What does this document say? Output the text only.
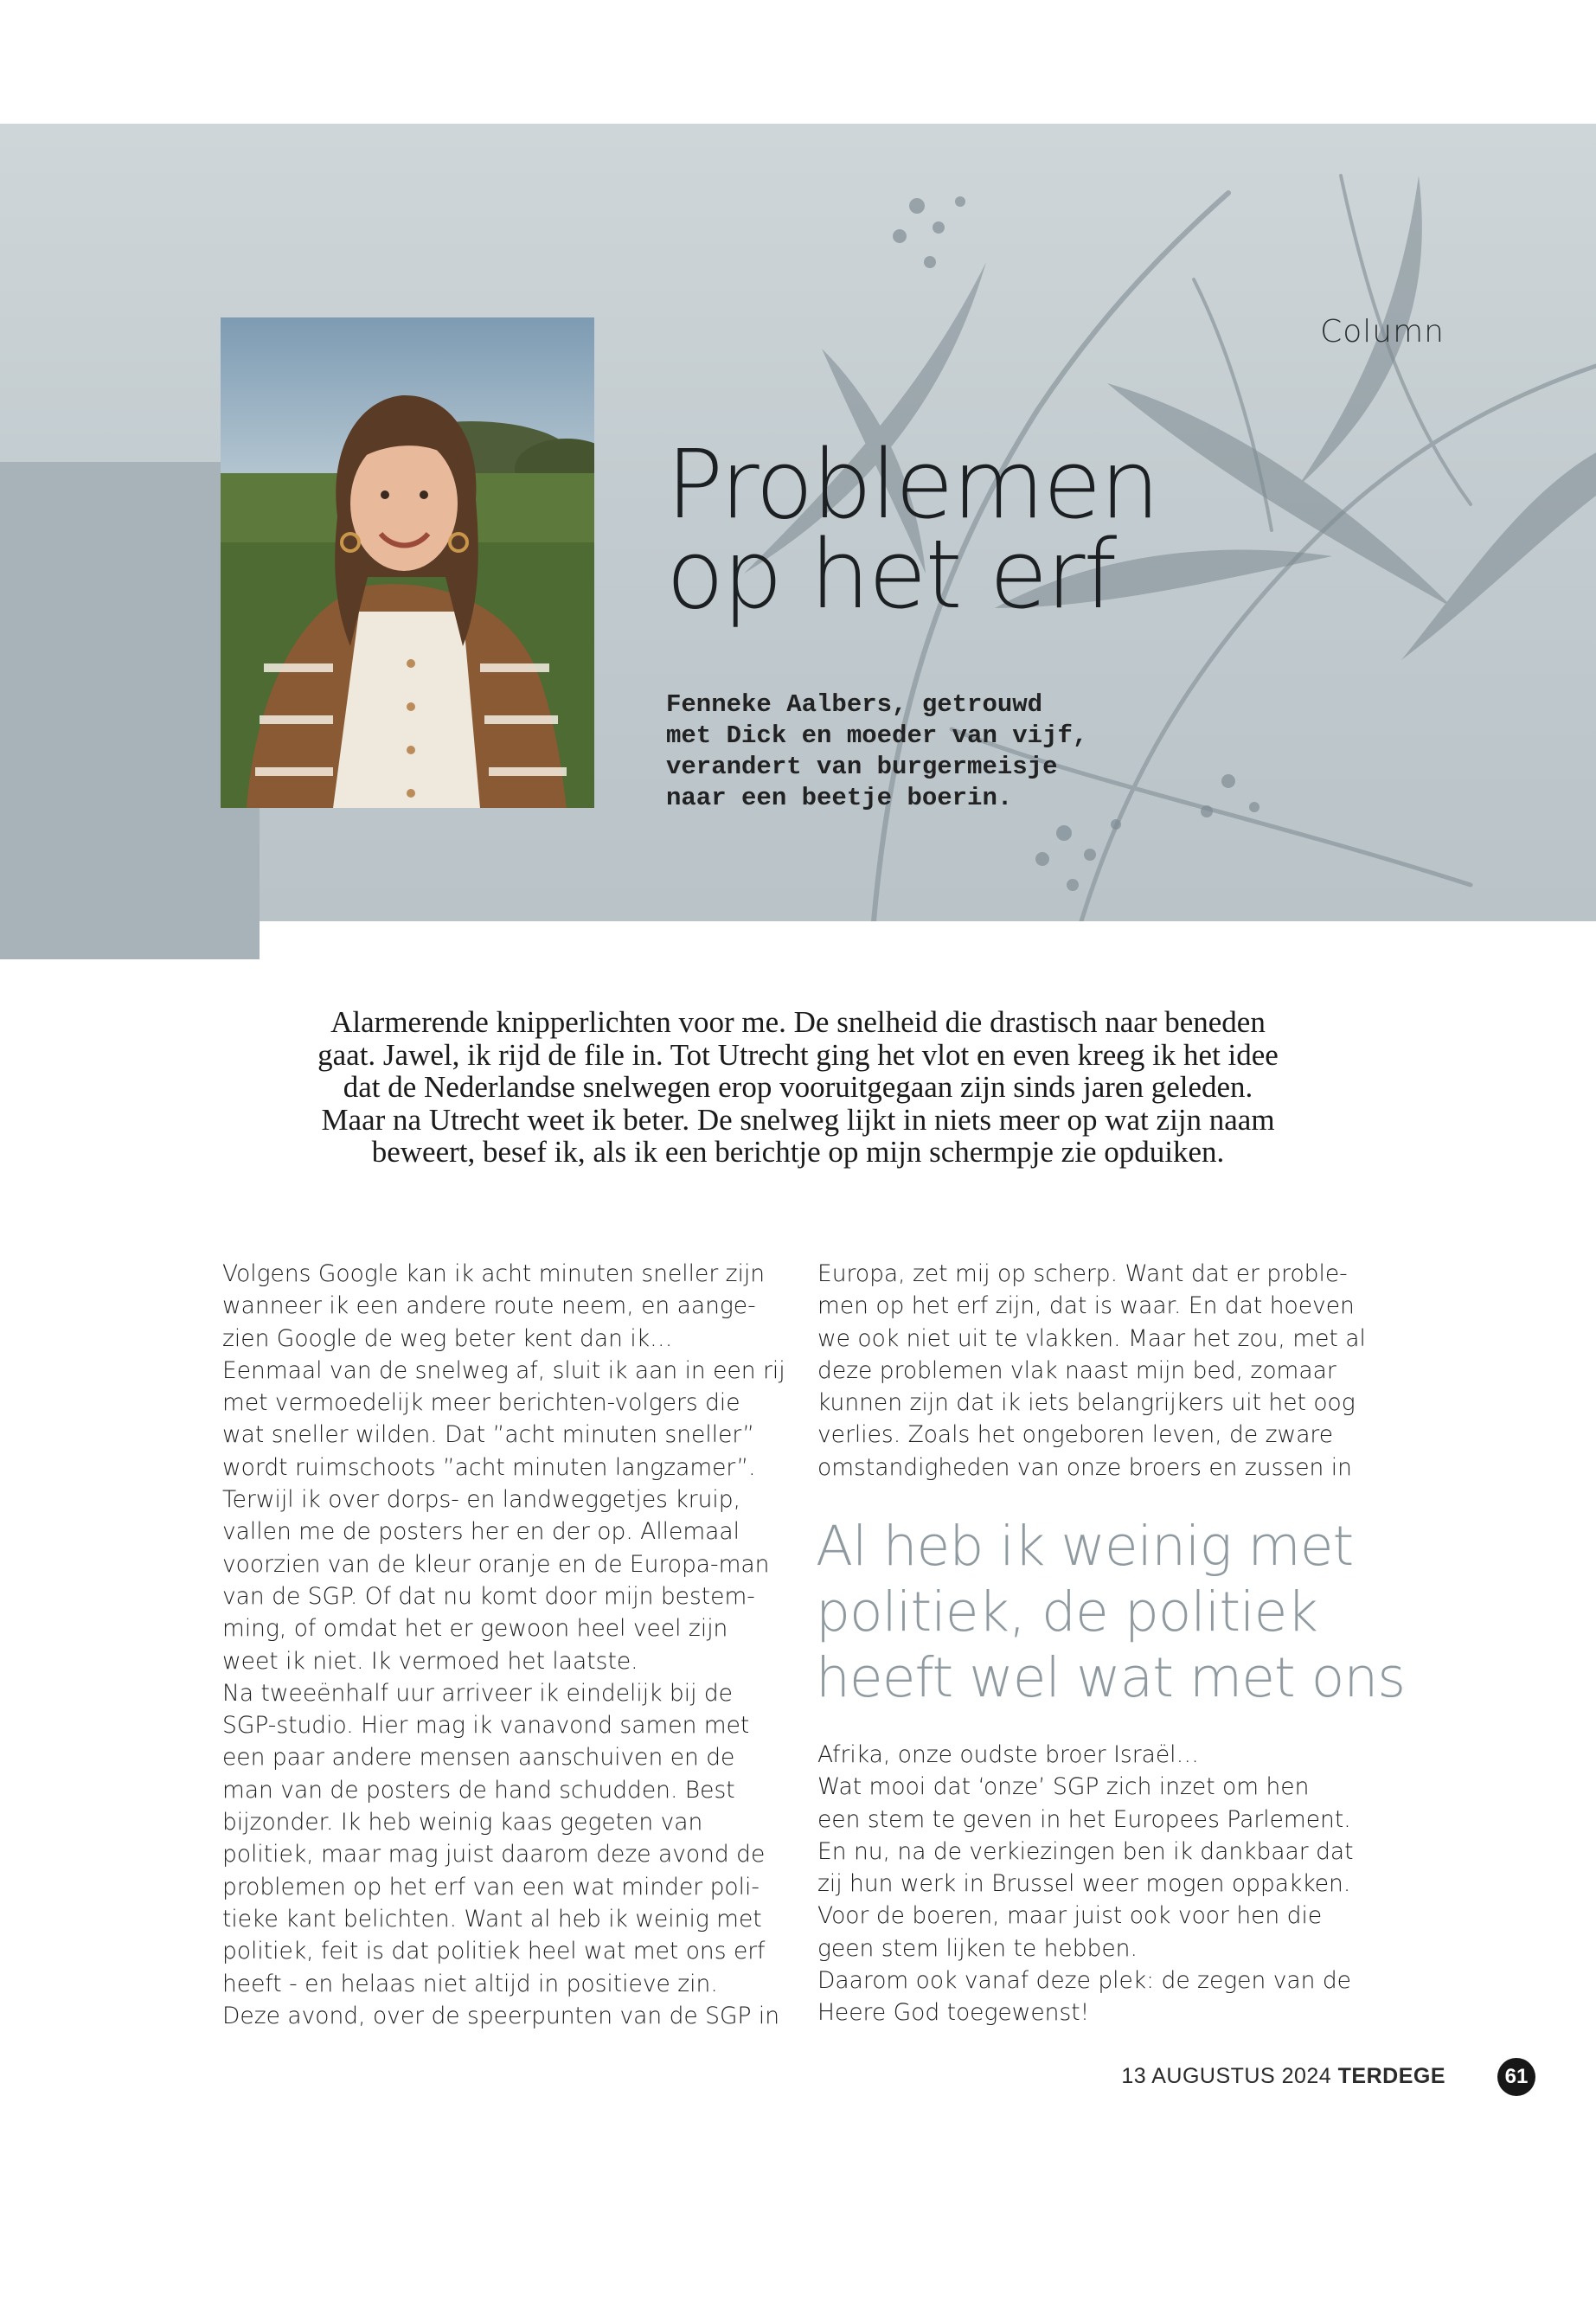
Column
Problemen
op het erf

Fenneke Aalbers, getrouwd
met Dick en moeder van vijf,
verandert van burgermeisje
naar een beetje boerin.

Alarmerende knipperlichten voor me. De snelheid die drastisch naar beneden
gaat. Jawel, ik rijd de file in. Tot Utrecht ging het vlot en even kreeg ik het idee
dat de Nederlandse snelwegen erop vooruitgegaan zijn sinds jaren geleden.
Maar na Utrecht weet ik beter. De snelweg lijkt in niets meer op wat zijn naam
beweert, besef ik, als ik een berichtje op mijn schermpje zie opduiken.

Volgens Google kan ik acht minuten sneller zijn
wanneer ik een andere route neem, en aange-
zien Google de weg beter kent dan ik…
Eenmaal van de snelweg af, sluit ik aan in een rij
met vermoedelijk meer berichten-volgers die
wat sneller wilden. Dat ”acht minuten sneller”
wordt ruimschoots ”acht minuten langzamer”.
Terwijl ik over dorps- en landweggetjes kruip,
vallen me de posters her en der op. Allemaal
voorzien van de kleur oranje en de Europa-man
van de SGP. Of dat nu komt door mijn bestem-
ming, of omdat het er gewoon heel veel zijn
weet ik niet. Ik vermoed het laatste.
Na tweeënhalf uur arriveer ik eindelijk bij de
SGP-studio. Hier mag ik vanavond samen met
een paar andere mensen aanschuiven en de
man van de posters de hand schudden. Best
bijzonder. Ik heb weinig kaas gegeten van
politiek, maar mag juist daarom deze avond de
problemen op het erf van een wat minder poli-
tieke kant belichten. Want al heb ik weinig met
politiek, feit is dat politiek heel wat met ons erf
heeft - en helaas niet altijd in positieve zin.
Deze avond, over de speerpunten van de SGP in
Europa, zet mij op scherp. Want dat er proble-
men op het erf zijn, dat is waar. En dat hoeven
we ook niet uit te vlakken. Maar het zou, met al
deze problemen vlak naast mijn bed, zomaar
kunnen zijn dat ik iets belangrijkers uit het oog
verlies. Zoals het ongeboren leven, de zware
omstandigheden van onze broers en zussen in
Al heb ik weinig met
politiek, de politiek
heeft wel wat met ons
Afrika, onze oudste broer Israël…
Wat mooi dat ‘onze’ SGP zich inzet om hen
een stem te geven in het Europees Parlement.
En nu, na de verkiezingen ben ik dankbaar dat
zij hun werk in Brussel weer mogen oppakken.
Voor de boeren, maar juist ook voor hen die
geen stem lijken te hebben.
Daarom ook vanaf deze plek: de zegen van de
Heere God toegewenst!
13 AUGUSTUS 2024 TERDEGE	61
